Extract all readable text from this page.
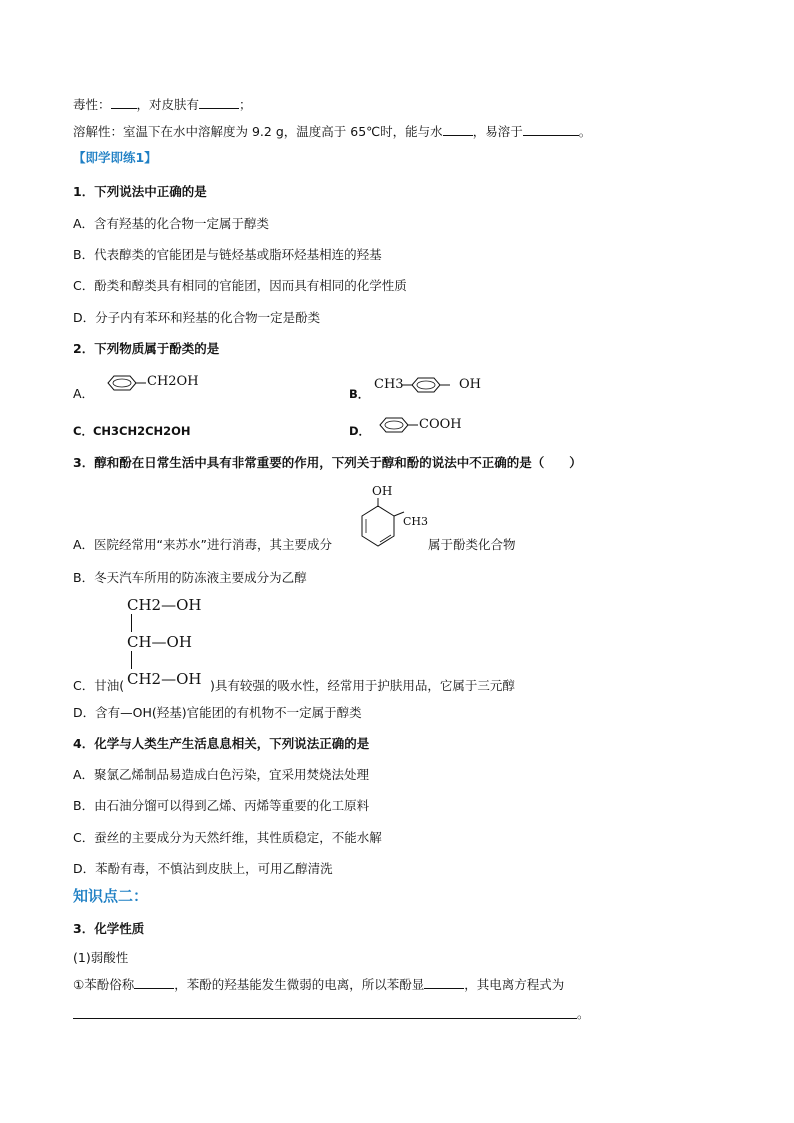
毒性： ，对皮肤有	；
溶解性：室温下在水中溶解度为 9.2 g，温度高于 65℃时，能与水 ，易溶于	。
【即学即练1】
1．下列说法中正确的是
A．含有羟基的化合物一定属于醇类
B．代表醇类的官能团是与链烃基或脂环烃基相连的羟基
C．酚类和醇类具有相同的官能团，因而具有相同的化学性质
D．分子内有苯环和羟基的化合物一定是酚类
2．下列物质属于酚类的是
A．
CH2OH
B．
CH3	OH
C．CH3CH2CH2OH	D．	COOH
3．醇和酚在日常生活中具有非常重要的作用，下列关于醇和酚的说法中不正确的是（　　）
OH
CH3
A．医院经常用“来苏水”进行消毒，其主要成分	属于酚类化合物
B．冬天汽车所用的防冻液主要成分为乙醇
CH2—OH
CH—OH
CH2—OH
C．甘油(	)具有较强的吸水性，经常用于护肤用品，它属于三元醇
D．含有—OH(羟基)官能团的有机物不一定属于醇类
4．化学与人类生产生活息息相关，下列说法正确的是
A．聚氯乙烯制品易造成白色污染，宜采用焚烧法处理
B．由石油分馏可以得到乙烯、丙烯等重要的化工原料
C．蚕丝的主要成分为天然纤维，其性质稳定，不能水解
D．苯酚有毒，不慎沾到皮肤上，可用乙醇清洗
知识点二：
3．化学性质
(1)弱酸性
①苯酚俗称	，苯酚的羟基能发生微弱的电离，所以苯酚显	，其电离方程式为
。
